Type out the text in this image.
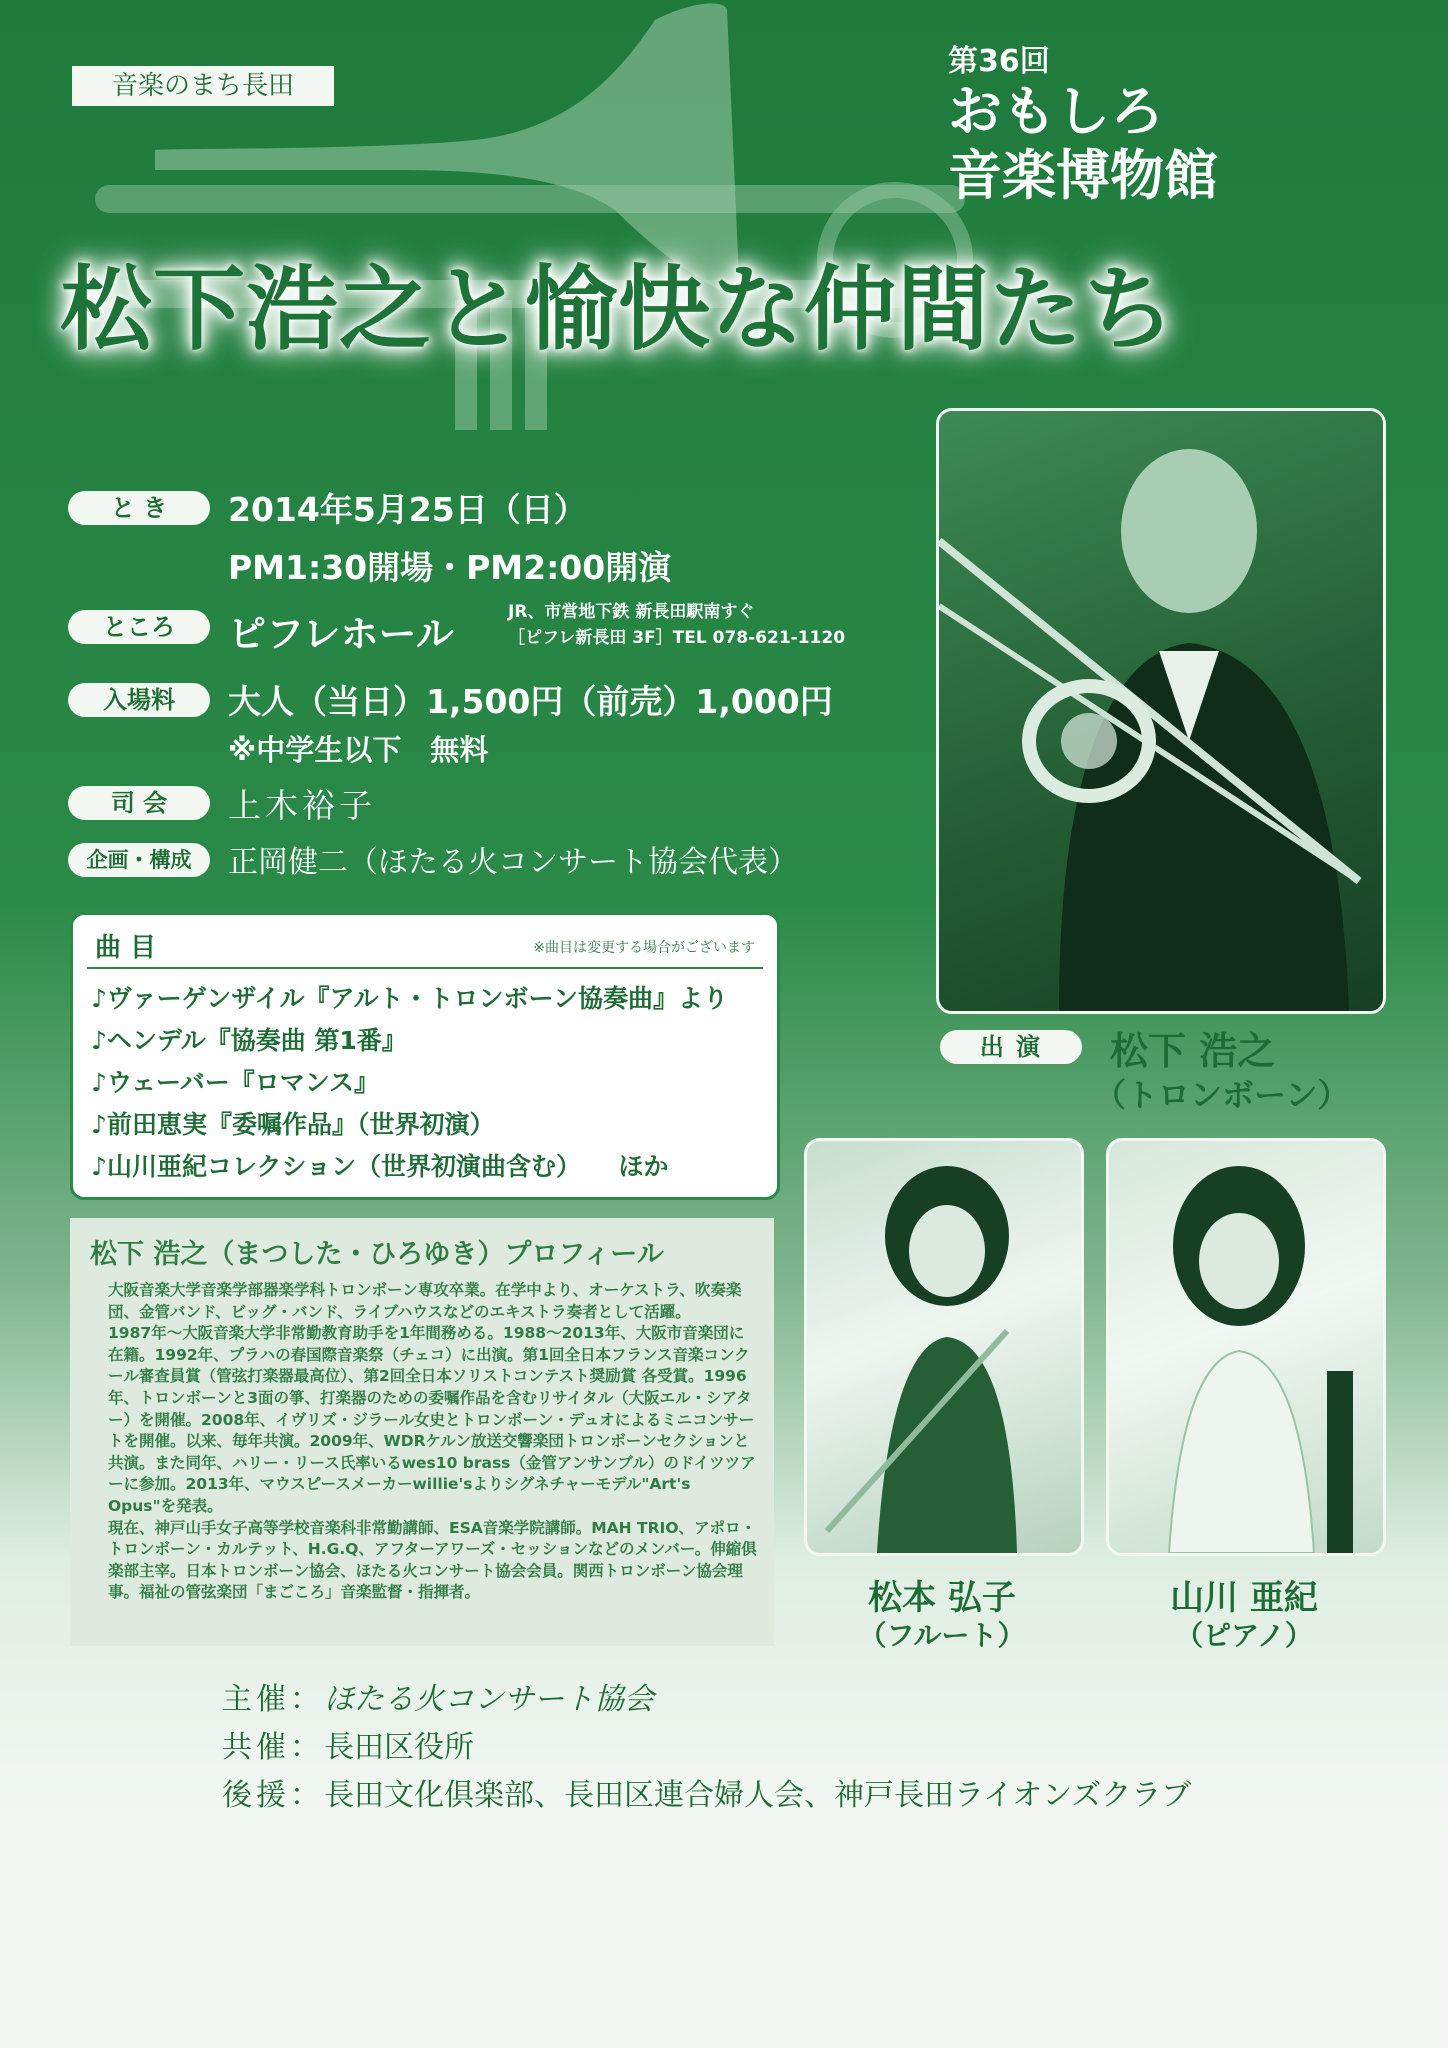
音楽のまち長田
第36回
おもしろ
音楽博物館
松下浩之と愉快な仲間たち
と き	2014年5月25日（日）
PM1:30開場・PM2:00開演
ところ	ピフレホール	JR、市営地下鉄 新長田駅南すぐ
［ピフレ新長田 3F］TEL 078-621-1120
入場料	大人（当日）1,500円（前売）1,000円
※中学生以下　無料
司 会	上木裕子
企画・構成	正岡健二（ほたる火コンサート協会代表）
曲 目	※曲目は変更する場合がございます
♪ヴァーゲンザイル『アルト・トロンボーン協奏曲』より
♪ヘンデル『協奏曲 第1番』
♪ウェーバー『ロマンス』
♪前田恵実『委嘱作品』（世界初演）
♪山川亜紀コレクション（世界初演曲含む）　　ほか
松下 浩之（まつした・ひろゆき）プロフィール

大阪音楽大学音楽学部器楽学科トロンボーン専攻卒業。在学中より、オーケストラ、吹奏楽団、金管バンド、ビッグ・バンド、ライブハウスなどのエキストラ奏者として活躍。

1987年～大阪音楽大学非常勤教育助手を1年間務める。1988～2013年、大阪市音楽団に在籍。1992年、プラハの春国際音楽祭（チェコ）に出演。第1回全日本フランス音楽コンクール審査員賞（管弦打楽器最高位）、第2回全日本ソリストコンテスト奨励賞 各受賞。1996年、トロンボーンと3面の箏、打楽器のための委嘱作品を含むリサイタル（大阪エル・シアター）を開催。2008年、イヴリズ・ジラール女史とトロンボーン・デュオによるミニコンサートを開催。以来、毎年共演。2009年、WDRケルン放送交響楽団トロンボーンセクションと共演。また同年、ハリー・リース氏率いるwes10 brass（金管アンサンブル）のドイツツアーに参加。2013年、マウスピースメーカーwillie'sよりシグネチャーモデル"Art's Opus"を発表。

現在、神戸山手女子高等学校音楽科非常勤講師、ESA音楽学院講師。MAH TRIO、アポロ・トロンボーン・カルテット、H.G.Q、アフターアワーズ・セッションなどのメンバー。伸縮俱楽部主宰。日本トロンボーン協会、ほたる火コンサート協会会員。関西トロンボーン協会理事。福祉の管弦楽団「まごころ」音楽監督・指揮者。

出 演	松下 浩之
（トロンボーン）
松本 弘子
（フルート）
山川 亜紀
（ピアノ）
主催：ほたる火コンサート協会
共催：長田区役所
後援：長田文化俱楽部、長田区連合婦人会、神戸長田ライオンズクラブ
